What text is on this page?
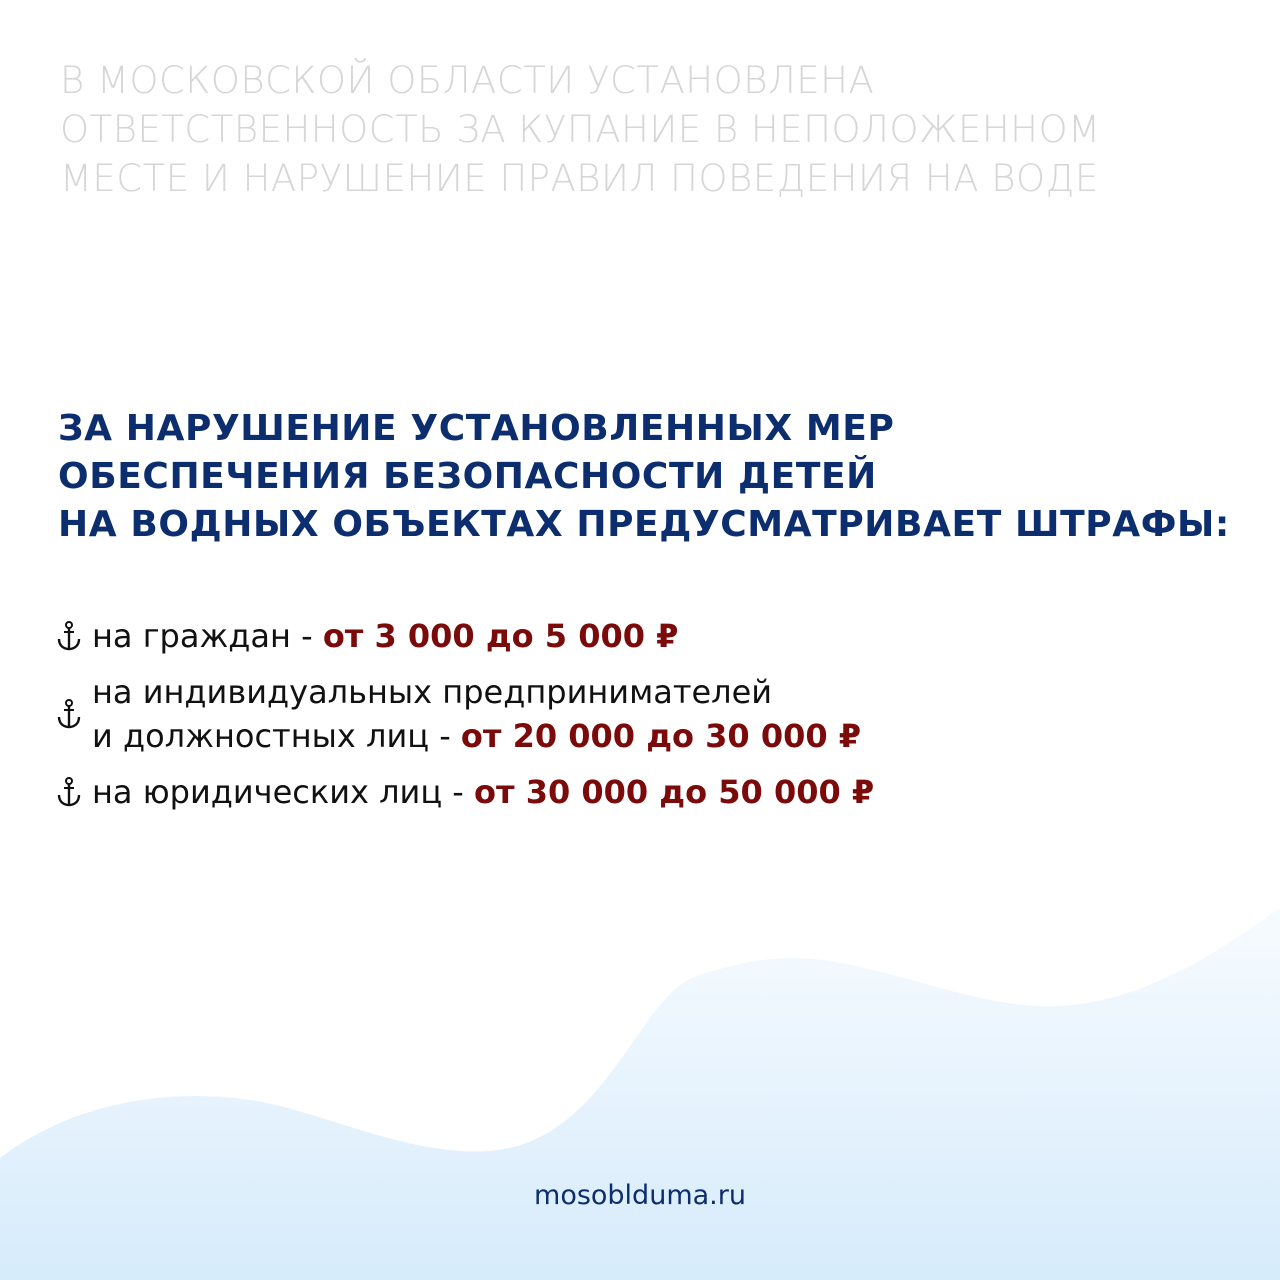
В МОСКОВСКОЙ ОБЛАСТИ УСТАНОВЛЕНА
ОТВЕТСТВЕННОСТЬ ЗА КУПАНИЕ В НЕПОЛОЖЕННОМ
МЕСТЕ И НАРУШЕНИЕ ПРАВИЛ ПОВЕДЕНИЯ НА ВОДЕ
ЗА НАРУШЕНИЕ УСТАНОВЛЕННЫХ МЕР
ОБЕСПЕЧЕНИЯ БЕЗОПАСНОСТИ ДЕТЕЙ
НА ВОДНЫХ ОБЪЕКТАХ ПРЕДУСМАТРИВАЕТ ШТРАФЫ:
на граждан - от 3 000 до 5 000 ₽
на индивидуальных предпринимателей
и должностных лиц - от 20 000 до 30 000 ₽
на юридических лиц - от 30 000 до 50 000 ₽
mosobldumа.ru
